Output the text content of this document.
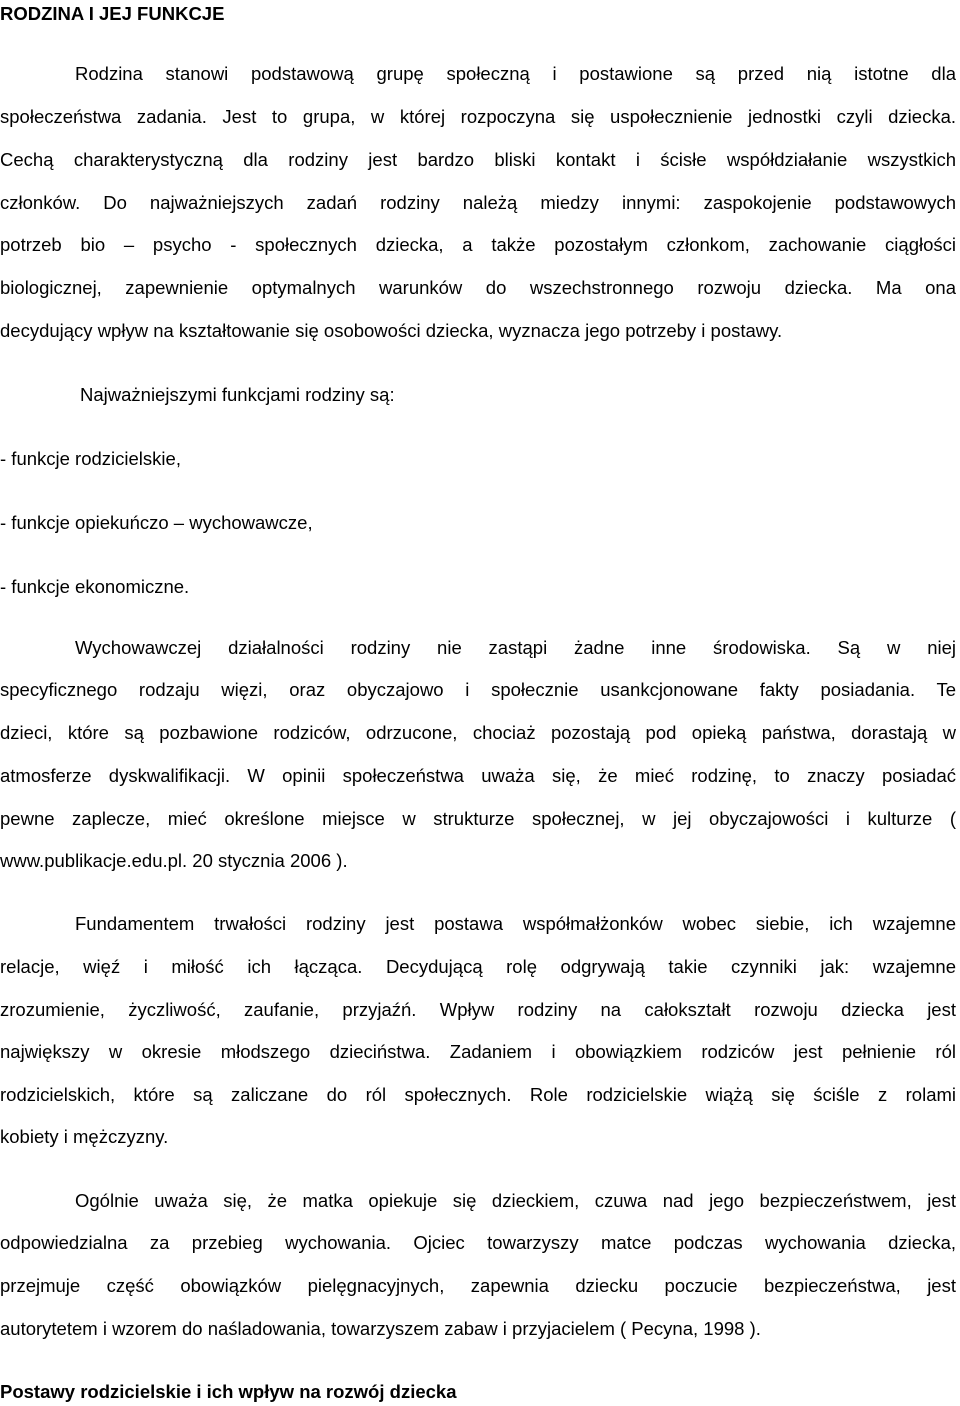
RODZINA I JEJ FUNKCJE
Rodzina stanowi podstawową grupę społeczną i postawione są przed nią istotne dla
społeczeństwa zadania. Jest to grupa, w której rozpoczyna się uspołecznienie jednostki czyli dziecka.
Cechą charakterystyczną dla rodziny jest bardzo bliski kontakt i ścisłe współdziałanie wszystkich
członków. Do najważniejszych zadań rodziny należą miedzy innymi: zaspokojenie podstawowych
potrzeb bio – psycho - społecznych dziecka, a także pozostałym członkom, zachowanie ciągłości
biologicznej, zapewnienie optymalnych warunków do wszechstronnego rozwoju dziecka. Ma ona
decydujący wpływ na kształtowanie się osobowości dziecka, wyznacza jego potrzeby i postawy.
Najważniejszymi funkcjami rodziny są:
- funkcje rodzicielskie,
- funkcje opiekuńczo – wychowawcze,
- funkcje ekonomiczne.
Wychowawczej działalności rodziny nie zastąpi żadne inne środowiska. Są w niej
specyficznego rodzaju więzi, oraz obyczajowo i społecznie usankcjonowane fakty posiadania. Te
dzieci, które są pozbawione rodziców, odrzucone, chociaż pozostają pod opieką państwa, dorastają w
atmosferze dyskwalifikacji. W opinii społeczeństwa uważa się, że mieć rodzinę, to znaczy posiadać
pewne zaplecze, mieć określone miejsce w strukturze społecznej, w jej obyczajowości i kulturze (
www.publikacje.edu.pl. 20 stycznia 2006 ).
Fundamentem trwałości rodziny jest postawa współmałżonków wobec siebie, ich wzajemne
relacje, więź i miłość ich łącząca. Decydującą rolę odgrywają takie czynniki jak: wzajemne
zrozumienie, życzliwość, zaufanie, przyjaźń. Wpływ rodziny na całokształt rozwoju dziecka jest
największy w okresie młodszego dzieciństwa. Zadaniem i obowiązkiem rodziców jest pełnienie ról
rodzicielskich, które są zaliczane do ról społecznych. Role rodzicielskie wiążą się ściśle z rolami
kobiety i mężczyzny.
Ogólnie uważa się, że matka opiekuje się dzieckiem, czuwa nad jego bezpieczeństwem, jest
odpowiedzialna za przebieg wychowania. Ojciec towarzyszy matce podczas wychowania dziecka,
przejmuje część obowiązków pielęgnacyjnych, zapewnia dziecku poczucie bezpieczeństwa, jest
autorytetem i wzorem do naśladowania, towarzyszem zabaw i przyjacielem ( Pecyna, 1998 ).
Postawy rodzicielskie i ich wpływ na rozwój dziecka
